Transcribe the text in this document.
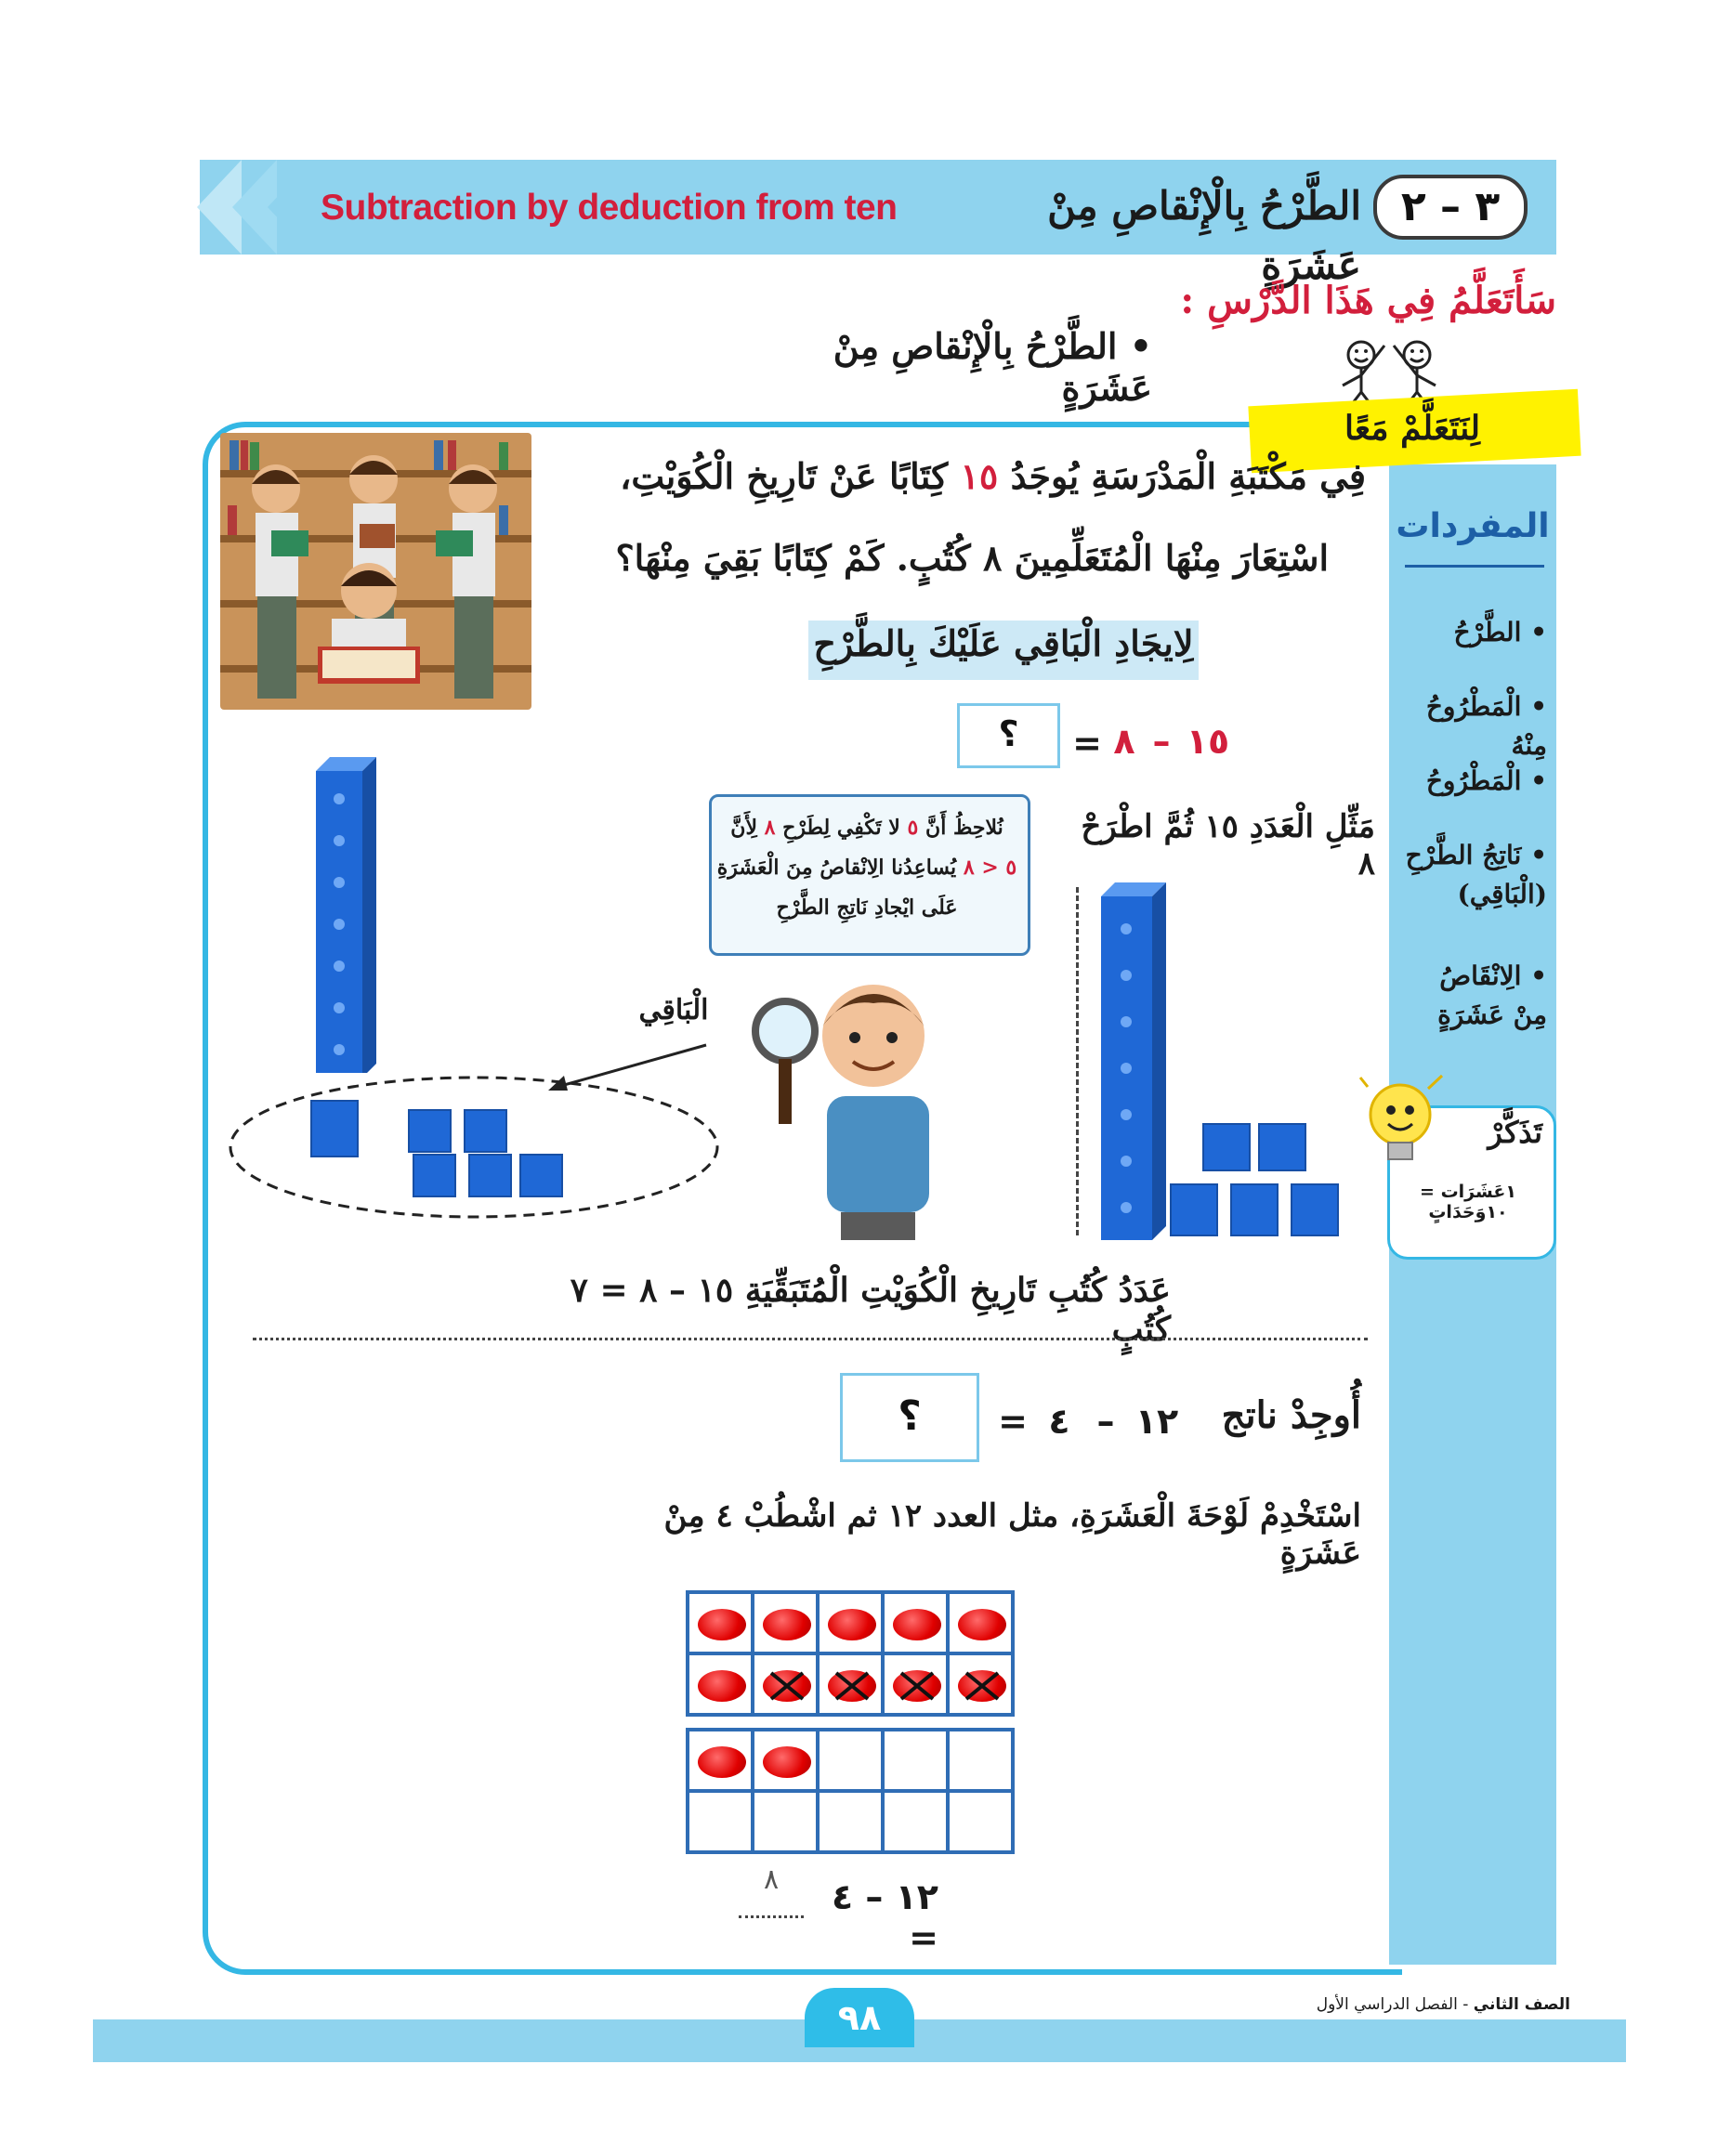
٣ – ٢
الطَّرْحُ بِالْإِنْقاصِ مِنْ عَشَرَةٍ
Subtraction by deduction from ten
سَأَتَعَلَّمُ فِي هَذَا الدَّرْسِ :
• الطَّرْحُ بِالْإِنْقاصِ مِنْ عَشَرَةٍ
لِنَتَعَلَّمْ مَعًا
المفردات
• الطَّرْحُ
• الْمَطْرُوحُ مِنْهُ
• الْمَطْرُوحُ
• نَاتِجُ الطَّرْحِ (الْبَاقِي)
• الِانْقَاصُ مِنْ عَشَرَةٍ
تَذَكَّرْ
١عَشَرَات = ١٠وَحَدَاتٍ
فِي مَكْتَبَةِ الْمَدْرَسَةِ يُوجَدُ ١٥ كِتَابًا عَنْ تَارِيخِ الْكُوَيْتِ،
اسْتِعَارَ مِنْهَا الْمُتَعَلِّمِينَ ٨ كُتُبٍ. كَمْ كِتَابًا بَقِيَ مِنْهَا؟
لِايجَادِ الْبَاقِي عَلَيْكَ بِالطَّرْحِ
؟	= ٨ – ١٥
مَثِّلِ الْعَدَدِ ١٥ ثُمَّ اطْرَحْ ٨
نُلاحِظُ أَنَّ ٥ لا تَكْفِي لِطَرْحِ ٨ لِأَنَّ
٥ < ٨ يُساعِدُنا الِانْقاصُ مِنَ الْعَشَرَةِ
عَلَى ايْجادِ نَاتِجِ الطَّرْحِ
الْبَاقِي
عَدَدُ كُتُبِ تَارِيخِ الْكُوَيْتِ الْمُتَبَقِّيَةِ ١٥ – ٨ = ٧ كُتُبٍ
أُوجِدْ ناتج
١٢
–
٤
=
؟
اسْتَخْدِمْ لَوْحَةَ الْعَشَرَةِ، مثل العدد ١٢ ثم اشْطُبْ ٤ مِنْ عَشَرَةٍ
١٢ – ٤ =
٨
٩٨	الصف الثاني - الفصل الدراسي الأول
